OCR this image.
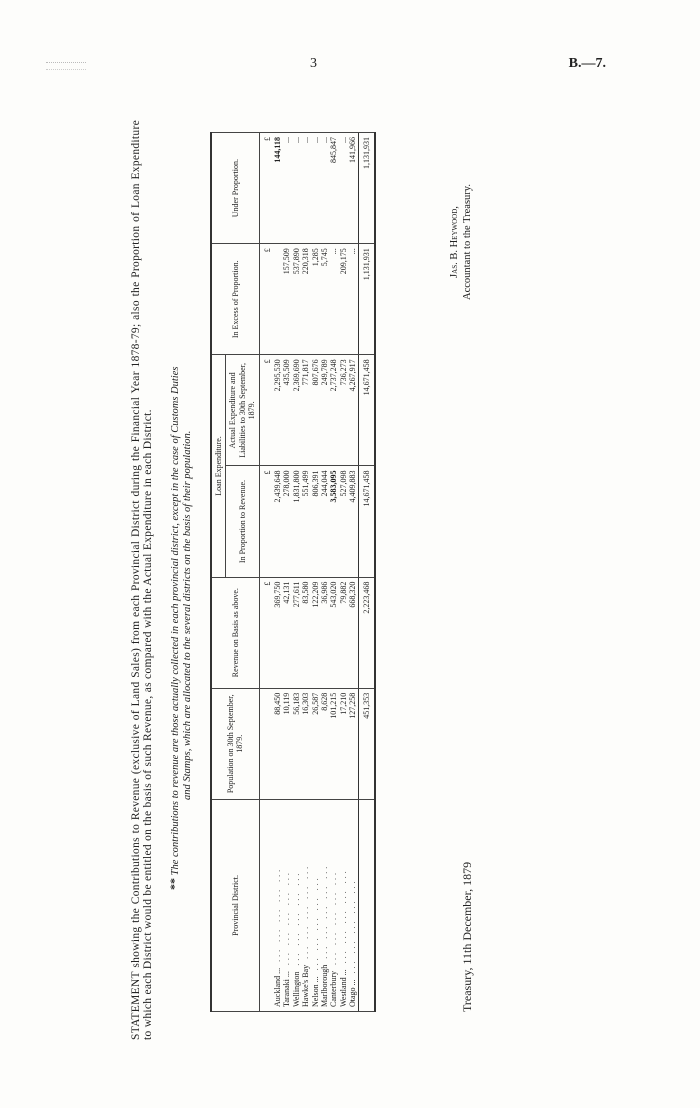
3	B.—7.
STATEMENT showing the Contributions to Revenue (exclusive of Land Sales) from each Provincial District during the Financial Year 1878-79; also the Proportion of Loan Expenditure to which each District would be entitled on the basis of such Revenue, as compared with the Actual Expenditure in each District. ** The contributions to revenue are those actually collected in each provincial district, except in the case of Customs Duties
and Stamps, which are allocated to the several districts on the basis of their population.
Provincial District.	Population on 30th September, 1879.	Revenue on Basis as above.	Loan Expenditure.		In Excess of Proportion.	Under Proportion.
			In Proportion to Revenue.	Actual Expenditure and Liabilities to 30th September, 1879.		
		£	£	£	£	£
Auckland ...... ... ... ... ...	88,450	369,750	2,439,648	2,295,530		144,118
Taranaki ...... ... ... ... ...	10,119	42,131	278,000	435,509	157,509	...
Wellington... ... ... ... ...	56,183	277,611	1,831,800	2,369,690	537,890	...
Hawke's Bay... ... ... ... ...	16,303	83,580	551,499	771,817	220,318	...
Nelson ...... ... ... ... ...	26,587	122,209	806,391	807,676	1,285	...
Marlborough... ... ... ... ...	8,628	36,986	244,044	249,789	5,745	...
Canterbury... ... ... ... ...	101,215	543,020	3,583,095	2,737,248	...	845,847
Westland ...... ... ... ... ...	17,210	79,882	527,098	736,273	209,175	...
Otago ...... ... ... ... ...	127,258	668,320	4,409,883	4,267,917	...	141,966
	451,353	2,223,468	14,671,458	14,671,458	1,131,931	1,131,931
Treasury, 11th December, 1879
Jas. B. Heywood, Accountant to the Treasury.
